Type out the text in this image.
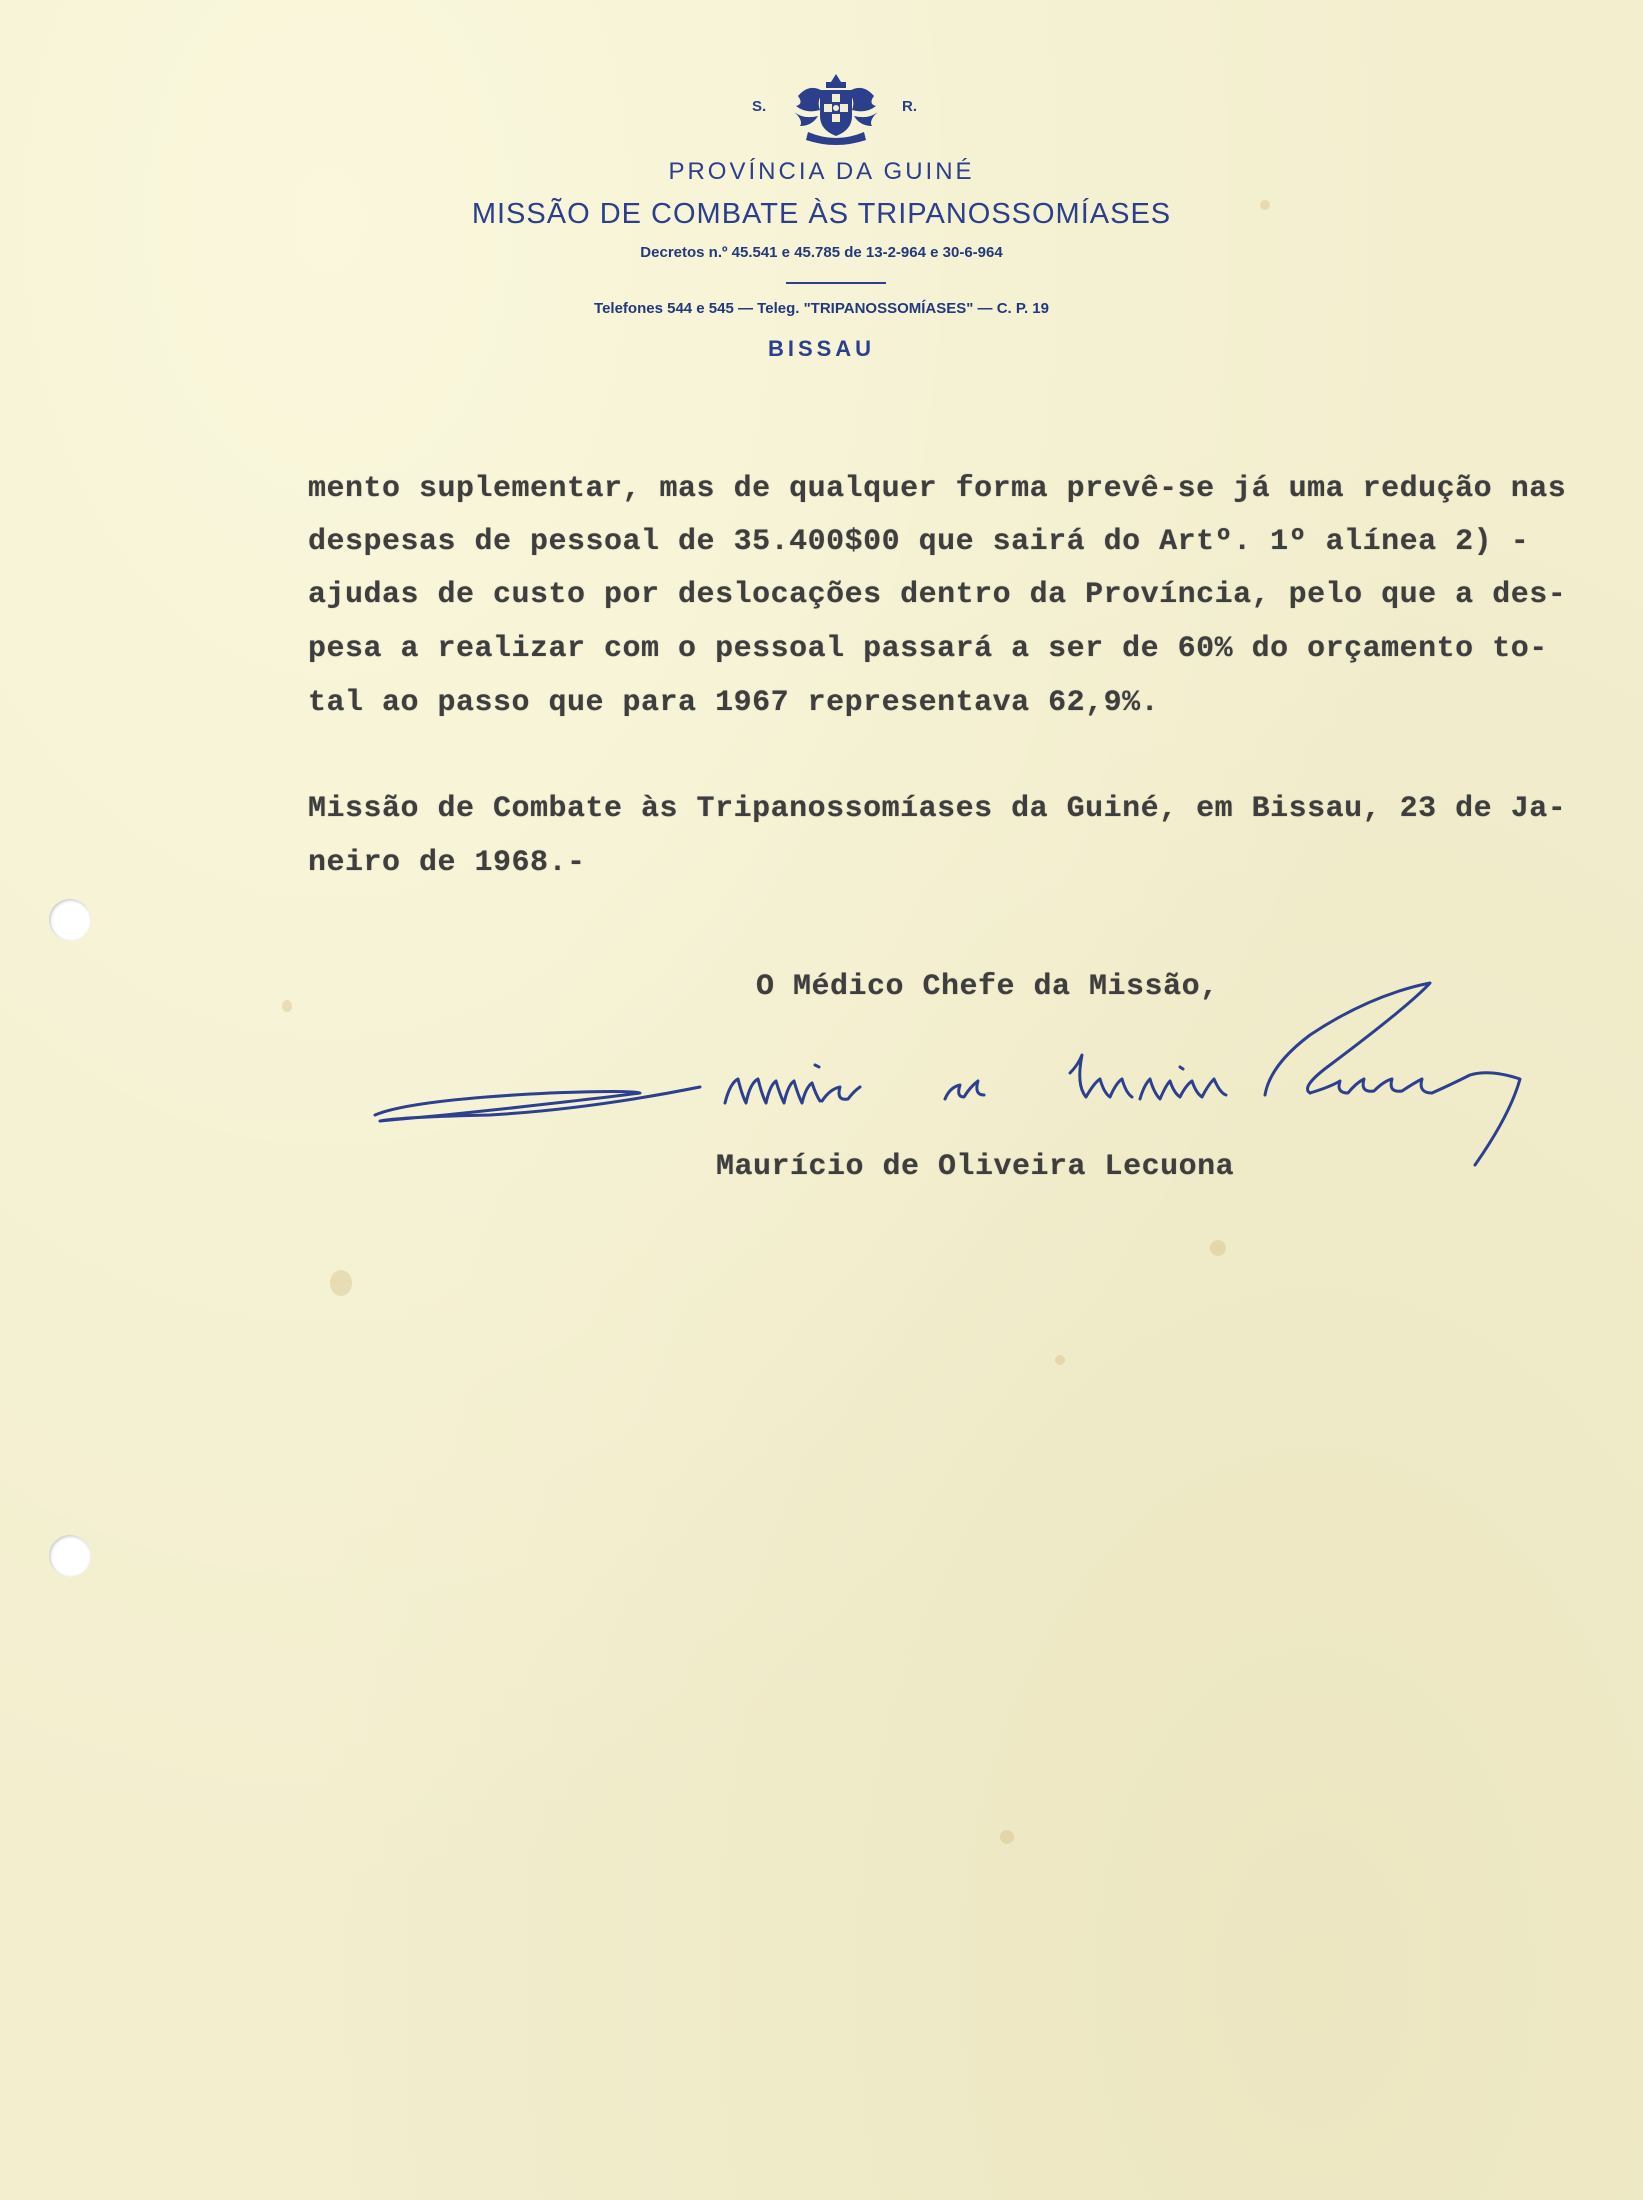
S.	R.
PROVÍNCIA DA GUINÉ
MISSÃO DE COMBATE ÀS TRIPANOSSOMÍASES
Decretos n.º 45.541 e 45.785 de 13-2-964 e 30-6-964
Telefones 544 e 545 — Teleg. "TRIPANOSSOMÍASES" — C. P. 19
BISSAU
mento suplementar, mas de qualquer forma prevê-se já uma redução nas
despesas de pessoal de 35.400$00 que sairá do Artº. 1º alínea 2) -
ajudas de custo por deslocações dentro da Província, pelo que a des-
pesa a realizar com o pessoal passará a ser de 60% do orçamento to-
tal ao passo que para 1967 representava 62,9%.
Missão de Combate às Tripanossomíases da Guiné, em Bissau, 23 de Ja-
neiro de 1968.-
O Médico Chefe da Missão,
Maurício de Oliveira Lecuona
